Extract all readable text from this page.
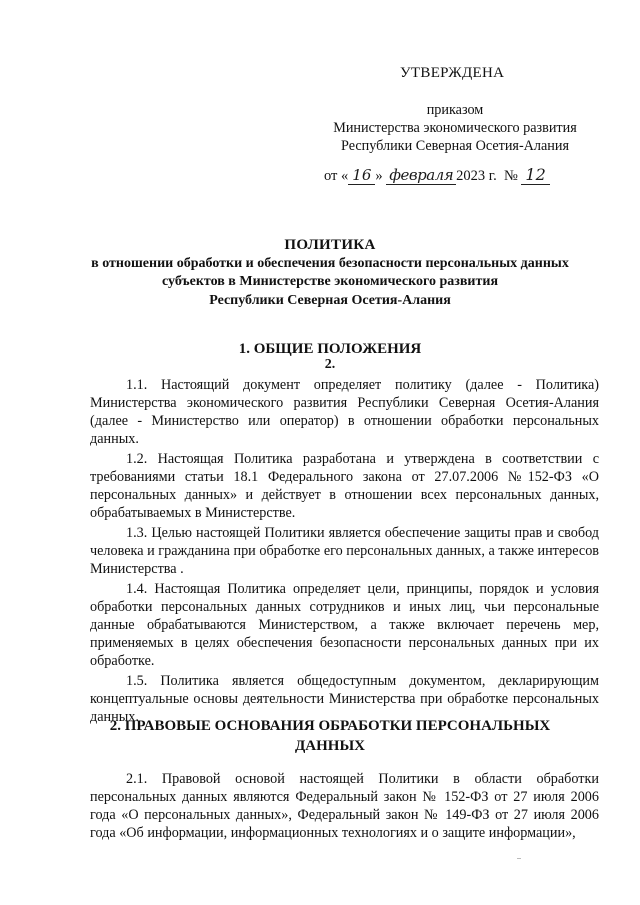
УТВЕРЖДЕНА
приказом
Министерства экономического развития
Республики Северная Осетия-Алания
от « 16 » февраля 2023 г. № 12
ПОЛИТИКА
в отношении обработки и обеспечения безопасности персональных данных
субъектов в Министерстве экономического развития
Республики Северная Осетия-Алания
1. ОБЩИЕ ПОЛОЖЕНИЯ
2.

1.1. Настоящий документ определяет политику (далее - Политика) Министерства экономического развития Республики Северная Осетия-Алания (далее - Министерство или оператор) в отношении обработки персональных данных.

1.2. Настоящая Политика разработана и утверждена в соответствии с требованиями статьи 18.1 Федерального закона от 27.07.2006 №152-ФЗ «О персональных данных» и действует в отношении всех персональных данных, обрабатываемых в Министерстве.

1.3. Целью настоящей Политики является обеспечение защиты прав и свобод человека и гражданина при обработке его персональных данных, а также интересов Министерства .

1.4. Настоящая Политика определяет цели, принципы, порядок и условия обработки персональных данных сотрудников и иных лиц, чьи персональные данные обрабатываются Министерством, а также включает перечень мер, применяемых в целях обеспечения безопасности персональных данных при их обработке.

1.5. Политика является общедоступным документом, декларирующим концептуальные основы деятельности Министерства при обработке персональных данных.

2. ПРАВОВЫЕ ОСНОВАНИЯ ОБРАБОТКИ ПЕРСОНАЛЬНЫХ
ДАННЫХ

2.1. Правовой основой настоящей Политики в области обработки персональных данных являются Федеральный закон № 152-ФЗ от 27 июля 2006 года «О персональных данных», Федеральный закон № 149-ФЗ от 27 июля 2006 года «Об информации, информационных технологиях и о защите информации»,
